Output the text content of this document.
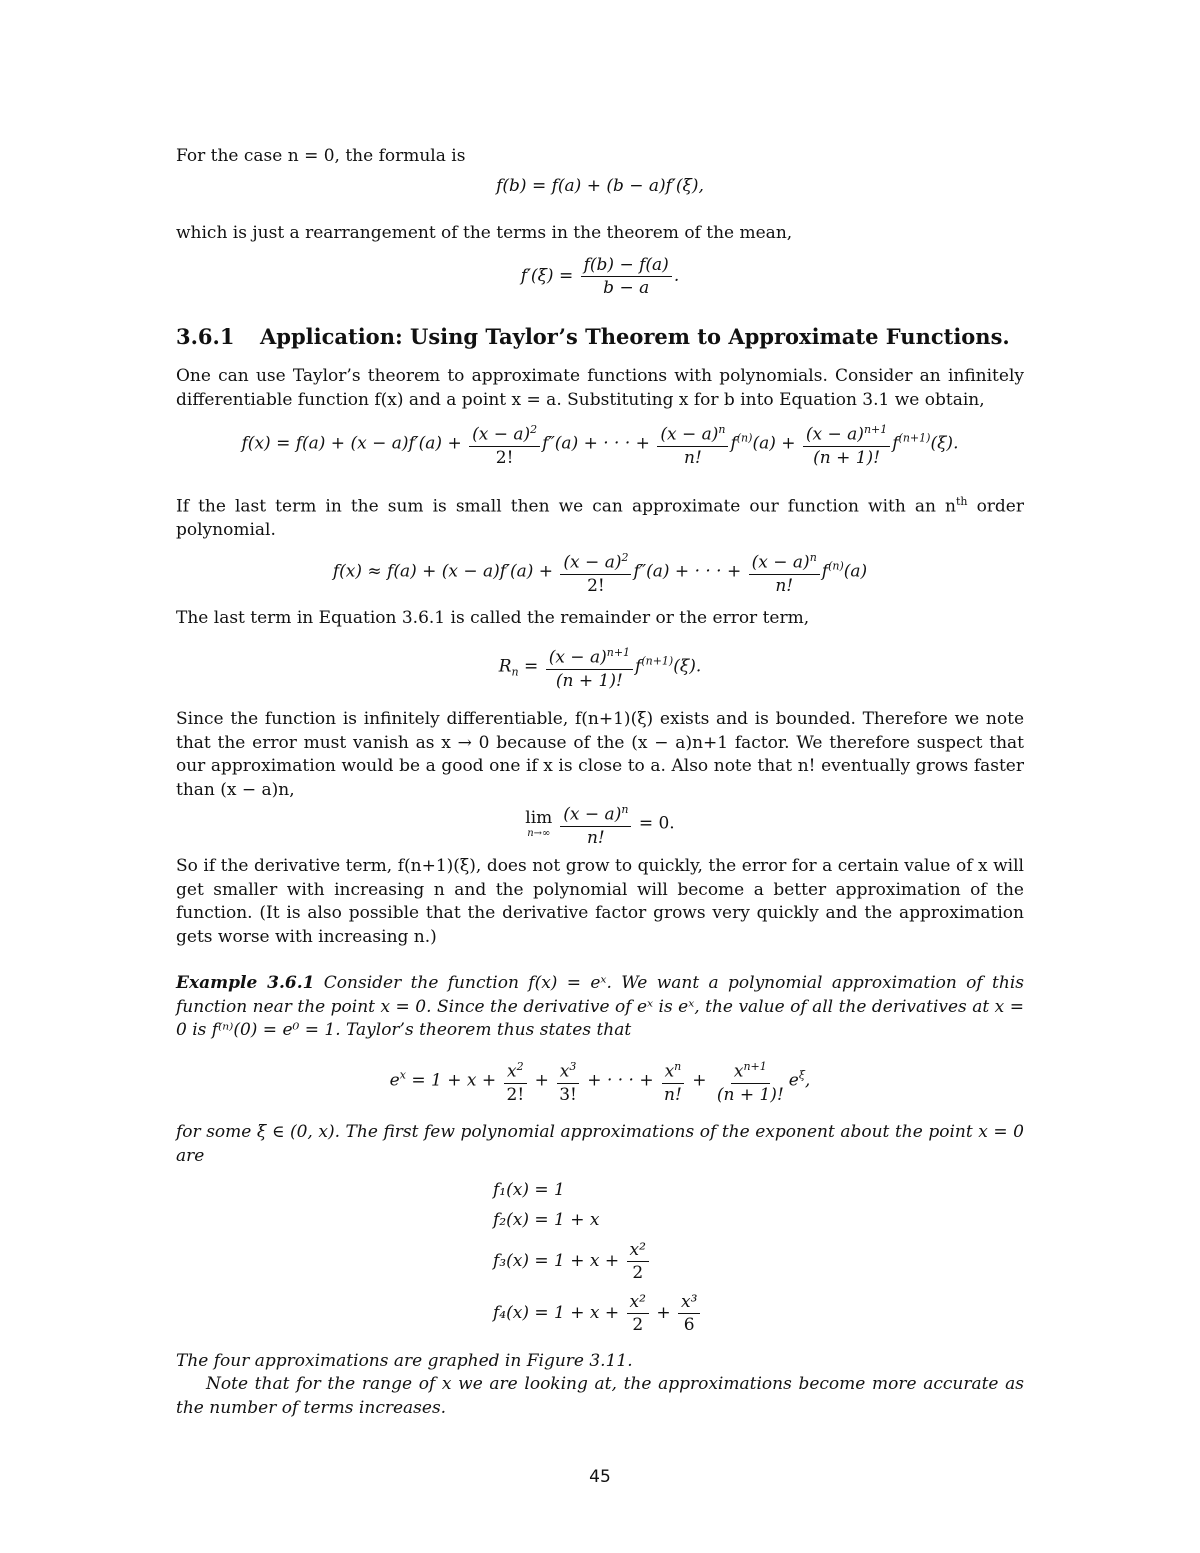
For the case n = 0, the formula is
f(b) = f(a) + (b − a)f′(ξ),
which is just a rearrangement of the terms in the theorem of the mean,
$f'(\xi) = \frac{f(b) - f(a)}{b - a}$ .
3.6.1 Application: Using Taylor’s Theorem to Approximate Functions.
One can use Taylor’s theorem to approximate functions with polynomials. Consider an infinitely differentiable function f(x) and a point x = a. Substituting x for b into Equation 3.1 we obtain,
$f(x) = f(a) + (x - a)f'(a) + \frac{(x - a)^2}{2!} f''(a)$ + · · · + $\frac{(x - a)^n}{n!} f^{(n)}(a) + \frac{(x - a)^{n+1}}{(n + 1)!} f^{(n+1)}(\xi)$.
If the last term in the sum is small then we can approximate our function with an $n^{th}$ order polynomial.
$f(x) \approx f(a) + (x - a)f'(a) + \frac{(x - a)^2}{2!} f''(a)$ + · · · + $\frac{(x - a)^n}{n!} f^{(n)}(a)$
The last term in Equation 3.6.1 is called the remainder or the error term,
$R_n = \frac{(x - a)^{n+1}}{(n + 1)!} f^{(n+1)}(\xi)$.
Since the function is infinitely differentiable, f(n+1)(ξ) exists and is bounded. Therefore we note that the error must vanish as x → 0 because of the (x − a)n+1 factor. We therefore suspect that our approximation would be a good one if x is close to a. Also note that n! eventually grows faster than (x − a)n,
lim
$n\to\infty \frac{(x - a)^n}{n!} = 0$.
So if the derivative term, f(n+1)(ξ), does not grow to quickly, the error for a certain value of x will get smaller with increasing n and the polynomial will become a better approximation of the function. (It is also possible that the derivative factor grows very quickly and the approximation gets worse with increasing n.)
Example 3.6.1 Consider the function f(x) = eˣ. We want a polynomial approximation of this function near the point x = 0. Since the derivative of eˣ is eˣ, the value of all the derivatives at x = 0 is f⁽ⁿ⁾(0) = e⁰ = 1. Taylor’s theorem thus states that
$e^x = 1 + x + \frac{x^2}{2!} + \frac{x^3}{3!}$ + · · · + $\frac{x^n}{n!} + \frac{x^{n+1}}{(n + 1)!} e^\xi$,
for some ξ ∈ (0, x). The first few polynomial approximations of the exponent about the point x = 0 are
f₁(x) = 1
f₂(x) = 1 + x
$f_3(x) = 1 + x + \frac{\text{x²}}{2}$
$f_4(x) = 1 + x + \frac{\text{x²}}{2} + \frac{\text{x³}}{6}$
The four approximations are graphed in Figure 3.11.
Note that for the range of x we are looking at, the approximations become more accurate as the number of terms increases.
45
